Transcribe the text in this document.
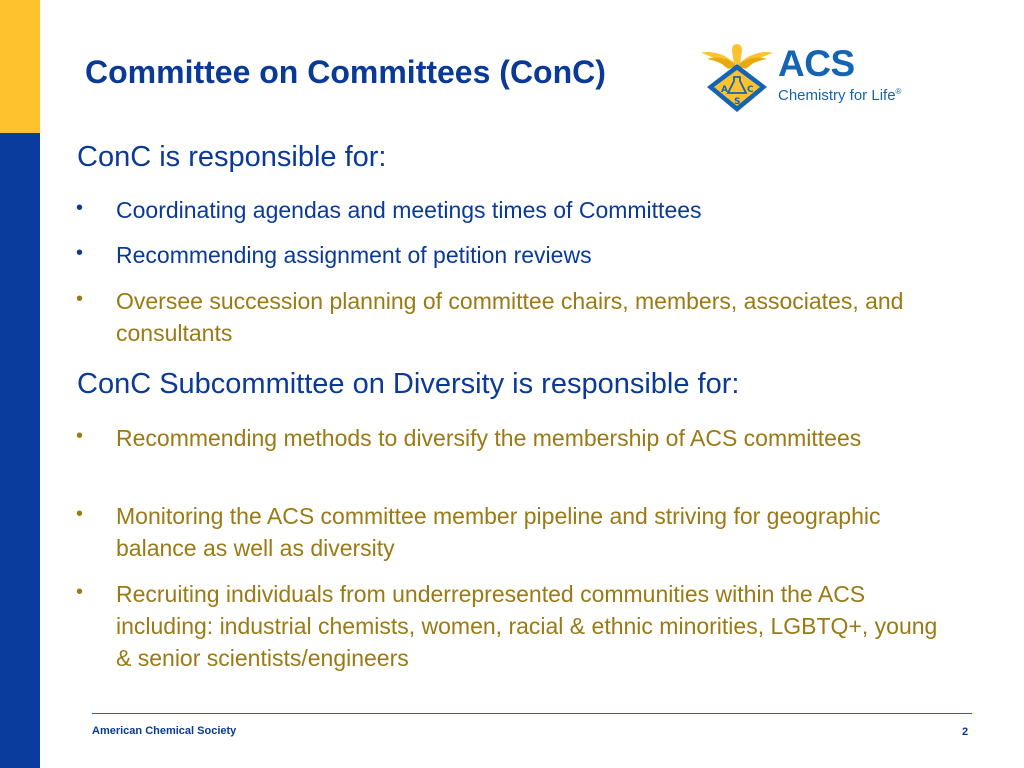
Committee on Committees (ConC)	A C
S
ACS
Chemistry for Life®
ConC is responsible for:
• Coordinating agendas and meetings times of Committees
• Recommending assignment of petition reviews
• Oversee succession planning of committee chairs, members, associates, and consultants
ConC Subcommittee on Diversity is responsible for:
• Recommending methods to diversify the membership of ACS committees
• Monitoring the ACS committee member pipeline and striving for geographic balance as well as diversity
• Recruiting individuals from underrepresented communities within the ACS including: industrial chemists, women, racial & ethnic minorities, LGBTQ+, young & senior scientists/engineers
American Chemical Society	2
